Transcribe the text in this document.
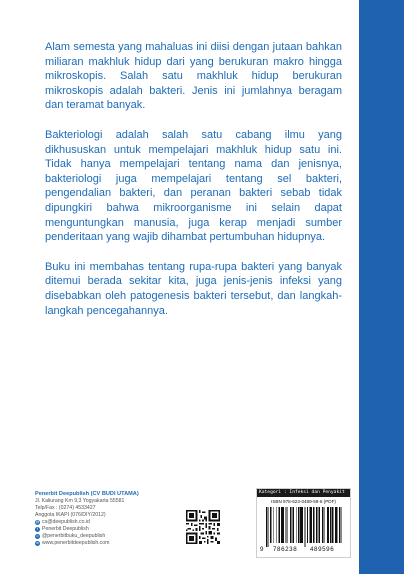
Alam semesta yang mahaluas ini diisi dengan jutaan bahkan miliaran makhluk hidup dari yang berukuran makro hingga mikroskopis. Salah satu makhluk hidup berukuran mikroskopis adalah bakteri. Jenis ini jumlahnya beragam dan teramat banyak.

Bakteriologi adalah salah satu cabang ilmu yang dikhususkan untuk mempelajari makhluk hidup satu ini. Tidak hanya mempelajari tentang nama dan jenisnya, bakteriologi juga mempelajari tentang sel bakteri, pengendalian bakteri, dan peranan bakteri sebab tidak dipungkiri bahwa mikroorganisme ini selain dapat menguntungkan manusia, juga kerap menjadi sumber penderitaan yang wajib dihambat pertumbuhan hidupnya.

Buku ini membahas tentang rupa-rupa bakteri yang banyak ditemui berada sekitar kita, juga jenis-jenis infeksi yang disebabkan oleh patogenesis bakteri tersebut, dan langkah-langkah pencegahannya.

Penerbit Deepublish (CV BUDI UTAMA)
Jl. Kaliurang Km 9,3 Yogyakarta 55581
Telp/Fax : (0274) 4533427
Anggota IKAPI (076/DIY/2012)
@ cs@deepublish.co.id
f Penerbit Deepublish
o @penerbitbuku_deepublish
w www.penerbitdeepublish.com
Kategori : Infeksi dan Penyakit
ISBN 978-623-0489-59-6 (PDF)
9 786238 489596
